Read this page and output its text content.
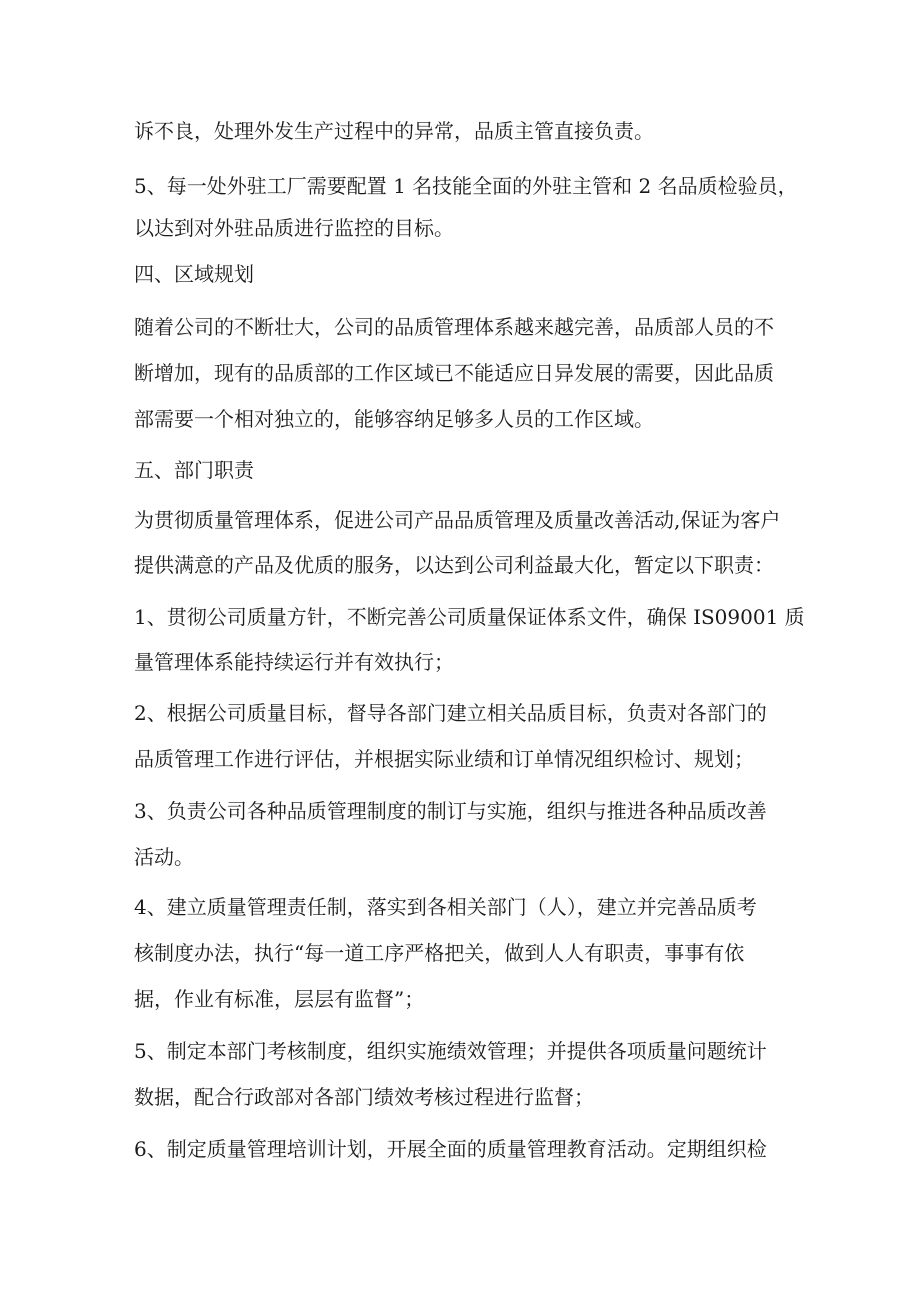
诉不良，处理外发生产过程中的异常，品质主管直接负责。
5、每一处外驻工厂需要配置 1 名技能全面的外驻主管和 2 名品质检验员，
以达到对外驻品质进行监控的目标。
四、区域规划
随着公司的不断壮大，公司的品质管理体系越来越完善，品质部人员的不
断增加，现有的品质部的工作区域已不能适应日异发展的需要，因此品质
部需要一个相对独立的，能够容纳足够多人员的工作区域。
五、部门职责
为贯彻质量管理体系，促进公司产品品质管理及质量改善活动,保证为客户
提供满意的产品及优质的服务，以达到公司利益最大化，暂定以下职责：
1、贯彻公司质量方针，不断完善公司质量保证体系文件，确保 IS09001 质
量管理体系能持续运行并有效执行；
2、根据公司质量目标，督导各部门建立相关品质目标，负责对各部门的
品质管理工作进行评估，并根据实际业绩和订单情况组织检讨、规划；
3、负责公司各种品质管理制度的制订与实施，组织与推进各种品质改善
活动。
4、建立质量管理责任制，落实到各相关部门（人），建立并完善品质考
核制度办法，执行“每一道工序严格把关，做到人人有职责，事事有依
据，作业有标准，层层有监督”；
5、制定本部门考核制度，组织实施绩效管理；并提供各项质量问题统计
数据，配合行政部对各部门绩效考核过程进行监督；
6、制定质量管理培训计划，开展全面的质量管理教育活动。定期组织检
